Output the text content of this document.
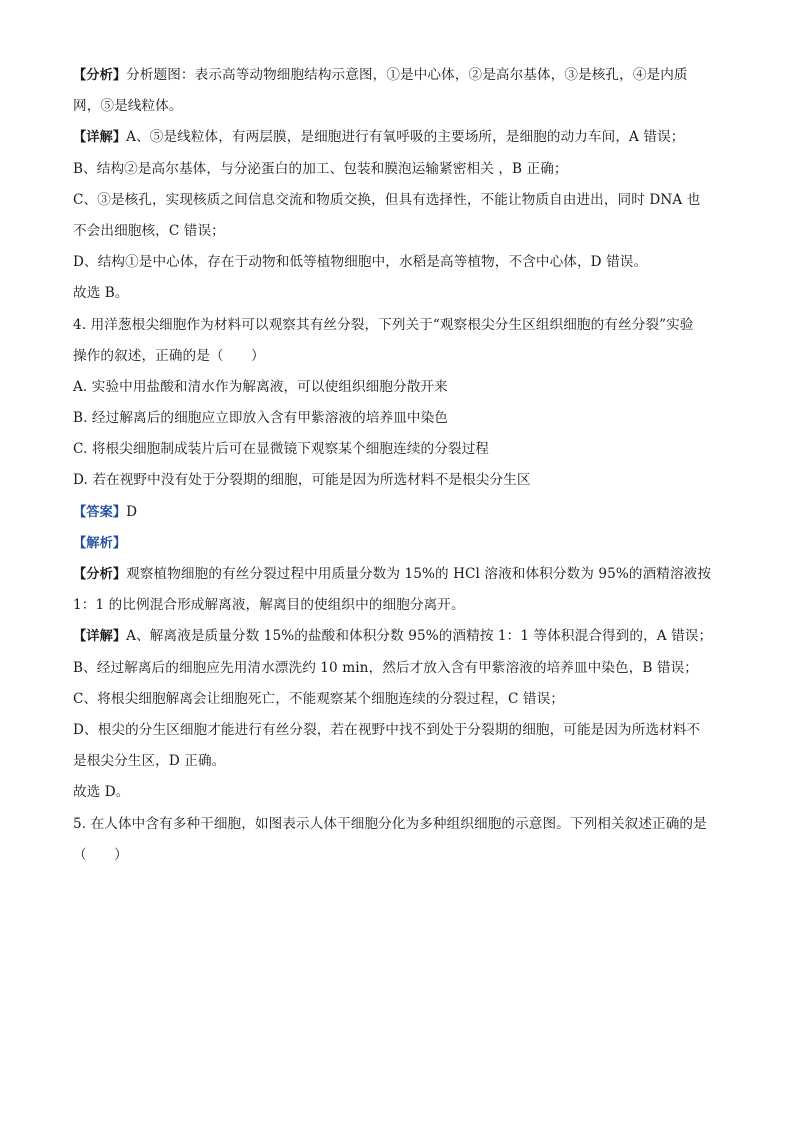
【分析】分析题图：表示高等动物细胞结构示意图，①是中心体，②是高尔基体，③是核孔，④是内质
网，⑤是线粒体。
【详解】A、⑤是线粒体，有两层膜，是细胞进行有氧呼吸的主要场所，是细胞的动力车间，A 错误；
B、结构②是高尔基体，与分泌蛋白的加工、包装和膜泡运输紧密相关 ，B 正确；
C、③是核孔，实现核质之间信息交流和物质交换，但具有选择性，不能让物质自由进出，同时 DNA 也
不会出细胞核，C 错误；
D、结构①是中心体，存在于动物和低等植物细胞中，水稻是高等植物，不含中心体，D 错误。
故选 B。
4. 用洋葱根尖细胞作为材料可以观察其有丝分裂，下列关于“观察根尖分生区组织细胞的有丝分裂”实验
操作的叙述，正确的是（　　）
A. 实验中用盐酸和清水作为解离液，可以使组织细胞分散开来
B. 经过解离后的细胞应立即放入含有甲紫溶液的培养皿中染色
C. 将根尖细胞制成装片后可在显微镜下观察某个细胞连续的分裂过程
D. 若在视野中没有处于分裂期的细胞，可能是因为所选材料不是根尖分生区
【答案】D
【解析】
【分析】观察植物细胞的有丝分裂过程中用质量分数为 15%的 HCl 溶液和体积分数为 95%的酒精溶液按
1：1 的比例混合形成解离液，解离目的使组织中的细胞分离开。
【详解】A、解离液是质量分数 15%的盐酸和体积分数 95%的酒精按 1：1 等体积混合得到的，A 错误；
B、经过解离后的细胞应先用清水漂洗约 10 min，然后才放入含有甲紫溶液的培养皿中染色，B 错误；
C、将根尖细胞解离会让细胞死亡，不能观察某个细胞连续的分裂过程，C 错误；
D、根尖的分生区细胞才能进行有丝分裂，若在视野中找不到处于分裂期的细胞，可能是因为所选材料不
是根尖分生区，D 正确。
故选 D。
5. 在人体中含有多种干细胞，如图表示人体干细胞分化为多种组织细胞的示意图。下列相关叙述正确的是
（　　）
